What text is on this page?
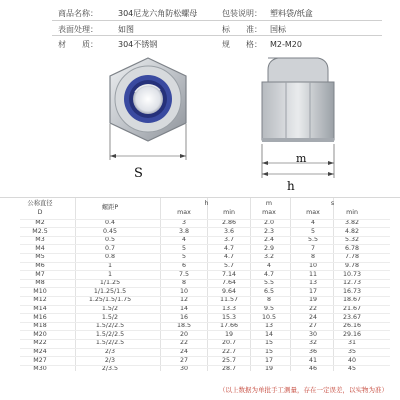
商品名称：	304尼龙六角防松螺母	包装说明： 塑料袋/纸盒
表面处理：	如图	标　　准： 国标
材　　质：	304不锈钢	规　　格： M2-M20
S
m
h
（以上数据为单批手工测量，存在一定误差，以实物为准）
公称直径
D
螺距P
h	m	s
max	min	max	min
max
M2	0.4	3	2.86	2.0	4	3.82
M2.5	0.45	3.8	3.6	2.3	5	4.82
M3	0.5	4	3.7	2.4	5.5	5.32
M4	0.7	5	4.7	2.9	7	6.78
M5	0.8	5	4.7	3.2	8	7.78
M6	1	6	5.7	4	10	9.78
M7	1	7.5	7.14	4.7	11	10.73
M8	1/1.25	8	7.64	5.5	13	12.73
M10	1/1.25/1.5	10	9.64	6.5	17	16.73
M12	1.25/1.5/1.75	12	11.57	8	19	18.67
M14	1.5/2	14	13.3	9.5	22	21.67
M16	1.5/2	16	15.3	10.5	24	23.67
M18	1.5/2/2.5	18.5	17.66	13	27	26.16
M20	1.5/2/2.5	20	19	14	30	29.16
M22	1.5/2/2.5	22	20.7	15	32	31
M24	2/3	24	22.7	15	36	35
M27	2/3	27	25.7	17	41	40
M30	2/3.5	30	28.7	19	46	45
